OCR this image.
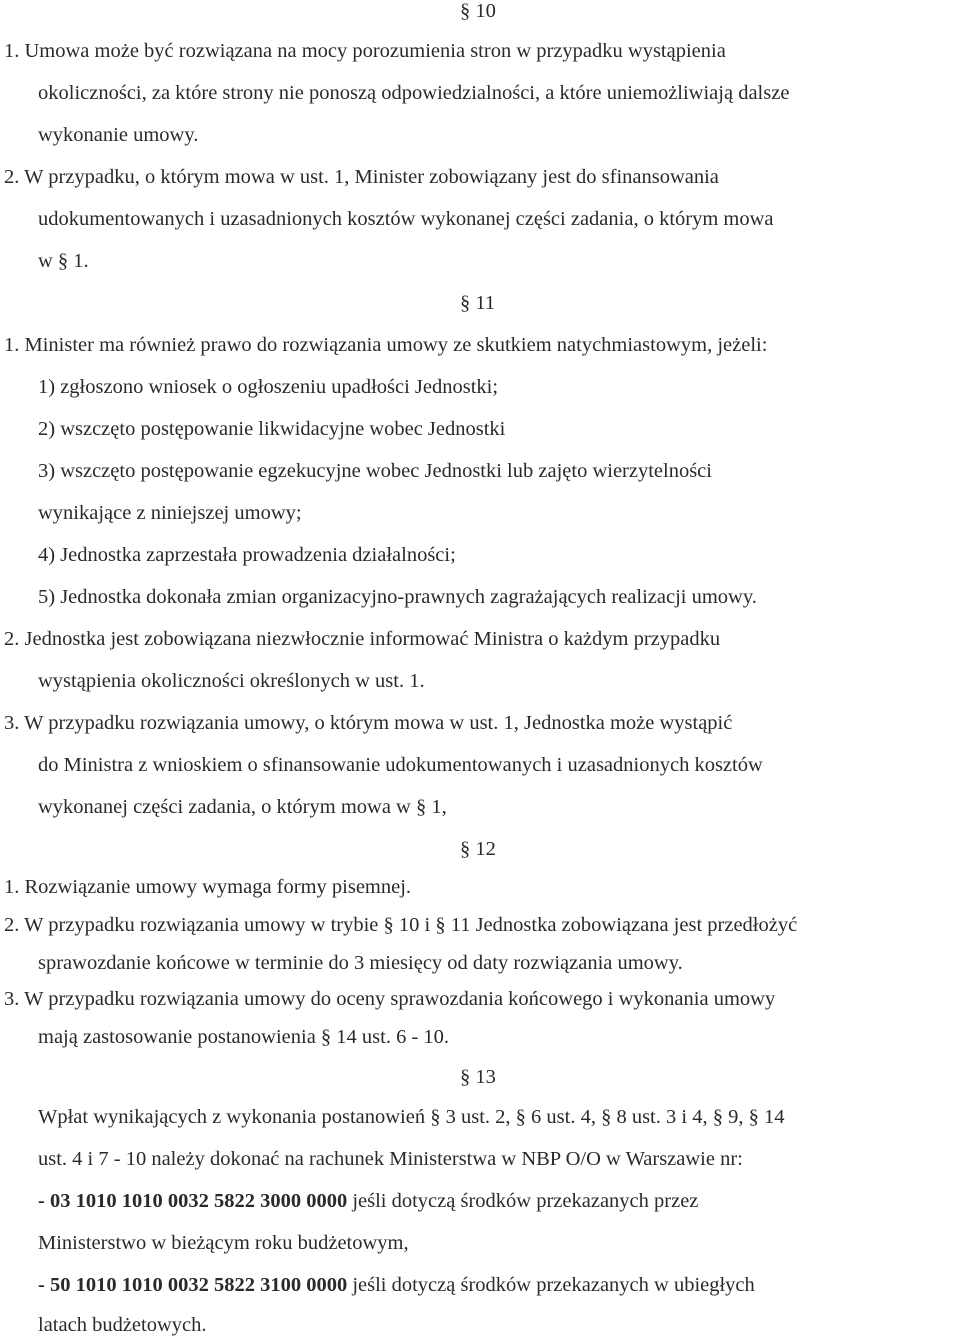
§ 10
1. Umowa może być rozwiązana na mocy porozumienia stron w przypadku wystąpienia
okoliczności, za które strony nie ponoszą odpowiedzialności, a które uniemożliwiają dalsze
wykonanie umowy.
2. W przypadku, o którym mowa w ust. 1, Minister zobowiązany jest do sfinansowania
udokumentowanych i uzasadnionych kosztów wykonanej części zadania, o którym mowa
w § 1.
§ 11
1. Minister ma również prawo do rozwiązania umowy ze skutkiem natychmiastowym, jeżeli:
1) zgłoszono wniosek o ogłoszeniu upadłości Jednostki;
2) wszczęto postępowanie likwidacyjne wobec Jednostki
3) wszczęto postępowanie egzekucyjne wobec Jednostki lub zajęto wierzytelności
wynikające z niniejszej umowy;
4) Jednostka zaprzestała prowadzenia działalności;
5) Jednostka dokonała zmian organizacyjno-prawnych zagrażających realizacji umowy.
2. Jednostka jest zobowiązana niezwłocznie informować Ministra o każdym przypadku
wystąpienia okoliczności określonych w ust. 1.
3. W przypadku rozwiązania umowy, o którym mowa w ust. 1, Jednostka może wystąpić
do Ministra z wnioskiem o sfinansowanie udokumentowanych i uzasadnionych kosztów
wykonanej części zadania, o którym mowa w § 1,
§ 12
1. Rozwiązanie umowy wymaga formy pisemnej.
2. W przypadku rozwiązania umowy w trybie § 10 i § 11 Jednostka zobowiązana jest przedłożyć
sprawozdanie końcowe w terminie do 3 miesięcy od daty rozwiązania umowy.
3. W przypadku rozwiązania umowy do oceny sprawozdania końcowego i wykonania umowy
mają zastosowanie postanowienia § 14 ust. 6 - 10.
§ 13
Wpłat wynikających z wykonania postanowień § 3 ust. 2, § 6 ust. 4, § 8 ust. 3 i 4, § 9, § 14
ust. 4 i 7 - 10 należy dokonać na rachunek Ministerstwa w NBP O/O w Warszawie nr:
- 03 1010 1010 0032 5822 3000 0000 jeśli dotyczą środków przekazanych przez
Ministerstwo w bieżącym roku budżetowym,
- 50 1010 1010 0032 5822 3100 0000 jeśli dotyczą środków przekazanych w ubiegłych
latach budżetowych.
